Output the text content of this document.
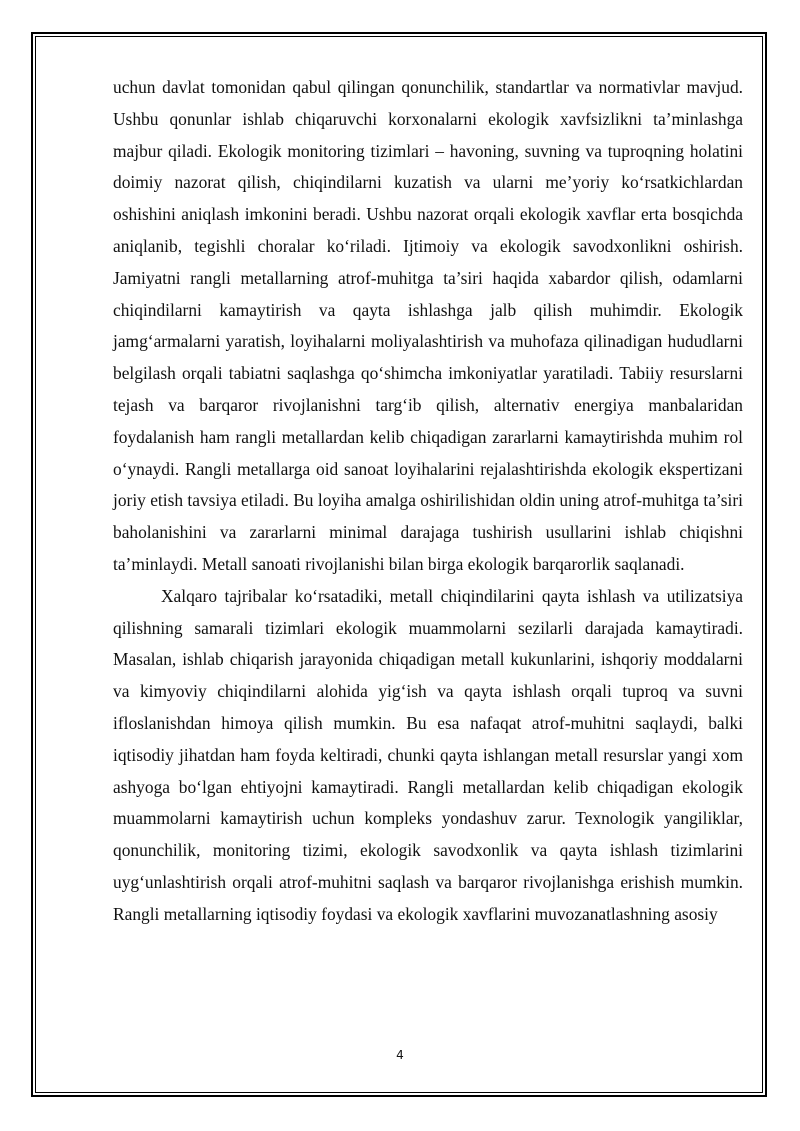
uchun davlat tomonidan qabul qilingan qonunchilik, standartlar va normativlar mavjud. Ushbu qonunlar ishlab chiqaruvchi korxonalarni ekologik xavfsizlikni ta’minlashga majbur qiladi. Ekologik monitoring tizimlari – havoning, suvning va tuproqning holatini doimiy nazorat qilish, chiqindilarni kuzatish va ularni me’yoriy ko‘rsatkichlardan oshishini aniqlash imkonini beradi. Ushbu nazorat orqali ekologik xavflar erta bosqichda aniqlanib, tegishli choralar ko‘riladi. Ijtimoiy va ekologik savodxonlikni oshirish. Jamiyatni rangli metallarning atrof-muhitga ta’siri haqida xabardor qilish, odamlarni chiqindilarni kamaytirish va qayta ishlashga jalb qilish muhimdir. Ekologik jamg‘armalarni yaratish, loyihalarni moliyalashtirish va muhofaza qilinadigan hududlarni belgilash orqali tabiatni saqlashga qo‘shimcha imkoniyatlar yaratiladi. Tabiiy resurslarni tejash va barqaror rivojlanishni targ‘ib qilish, alternativ energiya manbalaridan foydalanish ham rangli metallardan kelib chiqadigan zararlarni kamaytirishda muhim rol o‘ynaydi. Rangli metallarga oid sanoat loyihalarini rejalashtirishda ekologik ekspertizani joriy etish tavsiya etiladi. Bu loyiha amalga oshirilishidan oldin uning atrof-muhitga ta’siri baholanishini va zararlarni minimal darajaga tushirish usullarini ishlab chiqishni ta’minlaydi. Metall sanoati rivojlanishi bilan birga ekologik barqarorlik saqlanadi.

Xalqaro tajribalar ko‘rsatadiki, metall chiqindilarini qayta ishlash va utilizatsiya qilishning samarali tizimlari ekologik muammolarni sezilarli darajada kamaytiradi. Masalan, ishlab chiqarish jarayonida chiqadigan metall kukunlarini, ishqoriy moddalarni va kimyoviy chiqindilarni alohida yig‘ish va qayta ishlash orqali tuproq va suvni ifloslanishdan himoya qilish mumkin. Bu esa nafaqat atrof-muhitni saqlaydi, balki iqtisodiy jihatdan ham foyda keltiradi, chunki qayta ishlangan metall resurslar yangi xom ashyoga bo‘lgan ehtiyojni kamaytiradi. Rangli metallardan kelib chiqadigan ekologik muammolarni kamaytirish uchun kompleks yondashuv zarur. Texnologik yangiliklar, qonunchilik, monitoring tizimi, ekologik savodxonlik va qayta ishlash tizimlarini uyg‘unlashtirish orqali atrof-muhitni saqlash va barqaror rivojlanishga erishish mumkin. Rangli metallarning iqtisodiy foydasi va ekologik xavflarini muvozanatlashning asosiy

4
